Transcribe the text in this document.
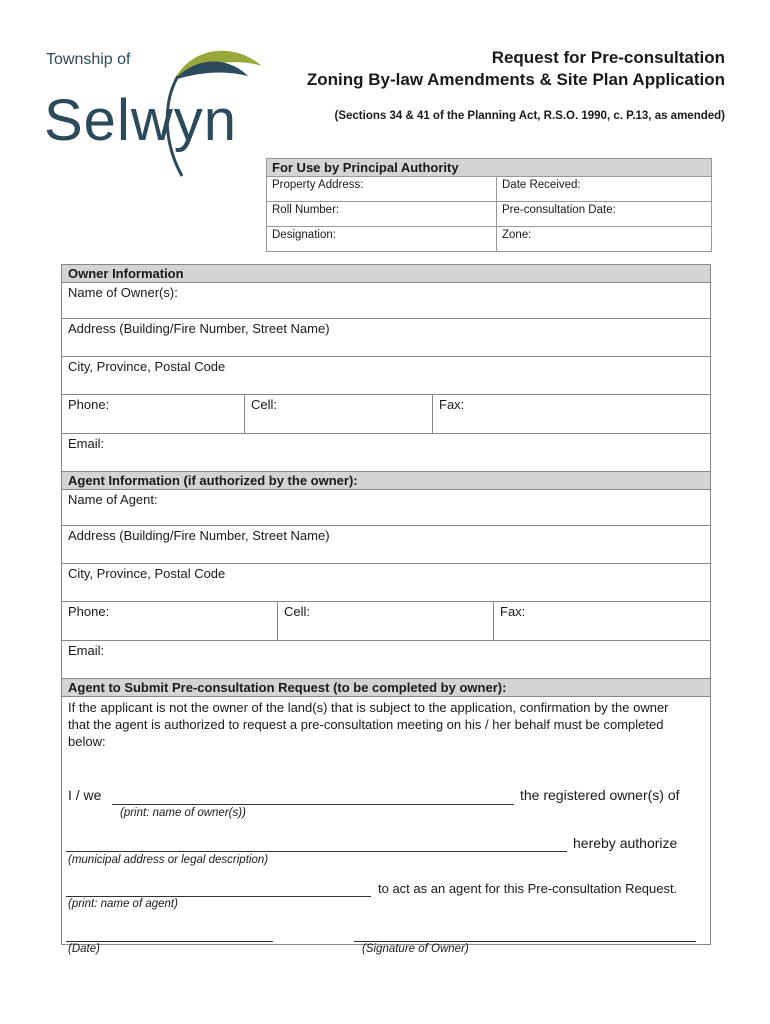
Township of
Selwyn
Request for Pre-consultation
Zoning By-law Amendments & Site Plan Application
(Sections 34 & 41 of the Planning Act, R.S.O. 1990, c. P.13, as amended)
For Use by Principal Authority
Property Address:	Date Received:
Roll Number:	Pre-consultation Date:
Designation:	Zone:
Owner Information
Name of Owner(s):
Address (Building/Fire Number, Street Name)
City, Province, Postal Code
Phone:	Cell:	Fax:
Email:
Agent Information (if authorized by the owner):
Name of Agent:
Address (Building/Fire Number, Street Name)
City, Province, Postal Code
Phone:	Cell:	Fax:
Email:
Agent to Submit Pre-consultation Request (to be completed by owner):
If the applicant is not the owner of the land(s) that is subject to the application, confirmation by the owner that the agent is authorized to request a pre-consultation meeting on his / her behalf must be completed below:
I / we	the registered owner(s) of
(print: name of owner(s))
hereby authorize
(municipal address or legal description)
to act as an agent for this Pre-consultation Request.
(print: name of agent)
(Date)	(Signature of Owner)
